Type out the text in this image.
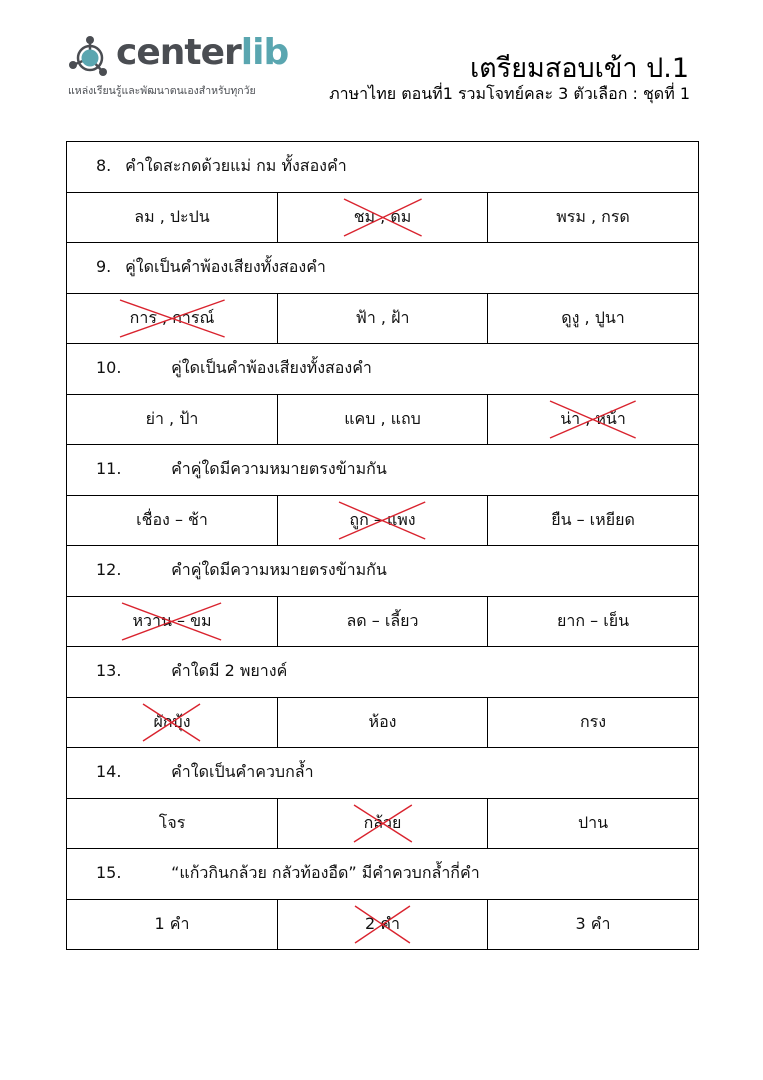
centerlib
แหล่งเรียนรู้และพัฒนาตนเองสำหรับทุกวัย
เตรียมสอบเข้า ป.1
ภาษาไทย ตอนที่1 รวมโจทย์คละ 3 ตัวเลือก : ชุดที่ 1
8. คำใดสะกดด้วยแม่ กม ทั้งสองคำ		
ลม , ปะปน	ชม , ดม	พรม , กรด
9. คู่ใดเป็นคำพ้องเสียงทั้งสองคำ		
การ , การณ์	ฟ้า , ฝ้า	ดูงู , ปูนา
10. คู่ใดเป็นคำพ้องเสียงทั้งสองคำ		
ย่า , ป้า	แคบ , แถบ	น่า , หน้า

11. คำคู่ใดมีความหมายตรงข้ามกัน		
เชื่อง – ช้า	ถูก – แพง	ยืน – เหยียด
12. คำคู่ใดมีความหมายตรงข้ามกัน		
หวาน – ขม	ลด – เลี้ยว	ยาก – เย็น
13. คำใดมี 2 พยางค์		
ผักบุ้ง	ห้อง	กรง
14. คำใดเป็นคำควบกล้ำ		
โจร	กล้วย	ปาน
15. “แก้วกินกล้วย กลัวท้องอืด” มีคำควบกล้ำกี่คำ		
1 คำ	2 คำ	3 คำ
